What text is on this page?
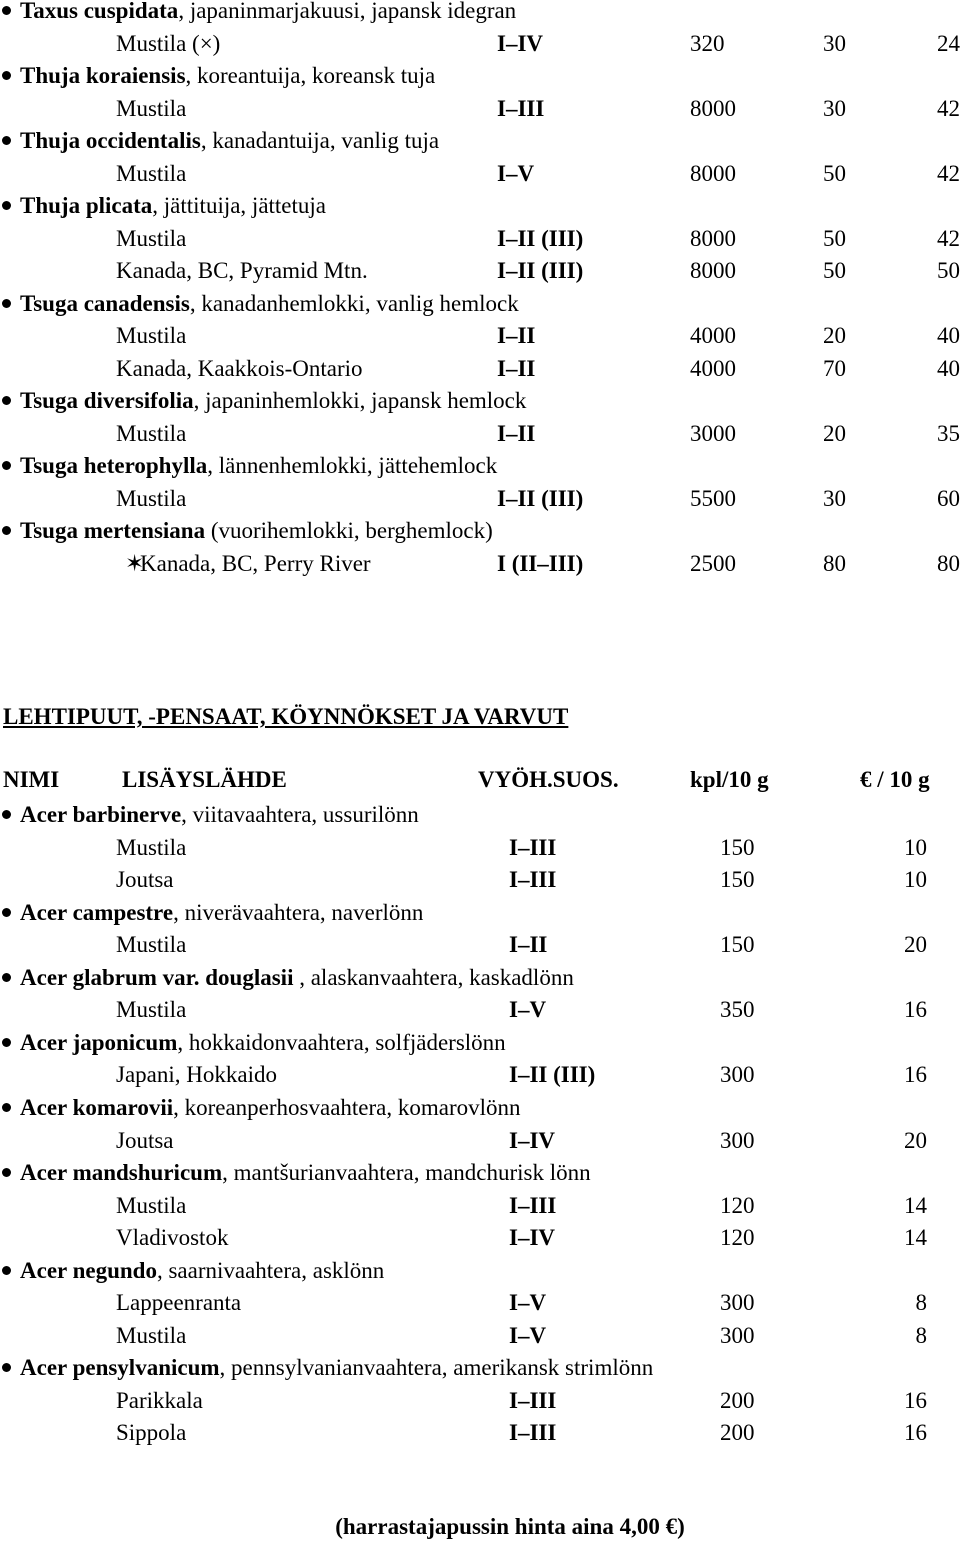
Taxus cuspidata, japaninmarjakuusi, japansk idegran
Mustila (×)	I–IV	320	30	24
Thuja koraiensis, koreantuija, koreansk tuja
Mustila	I–III	8000	30	42
Thuja occidentalis, kanadantuija, vanlig tuja
Mustila	I–V	8000	50	42
Thuja plicata, jättituija, jättetuja
Mustila	I–II (III)	8000	50	42
Kanada, BC, Pyramid Mtn.	I–II (III)	8000	50	50
Tsuga canadensis, kanadanhemlokki, vanlig hemlock
Mustila	I–II	4000	20	40
Kanada, Kaakkois-Ontario	I–II	4000	70	40
Tsuga diversifolia, japaninhemlokki, japansk hemlock
Mustila	I–II	3000	20	35
Tsuga heterophylla, lännenhemlokki, jättehemlock
Mustila	I–II (III)	5500	30	60
Tsuga mertensiana (vuorihemlokki, berghemlock)
✶
Kanada, BC, Perry River	I (II–III)	2500	80	80
LEHTIPUUT, -PENSAAT, KÖYNNÖKSET JA VARVUT
NIMI	LISÄYSLÄHDE	VYÖH.SUOS.	kpl/10 g	€ / 10 g
Acer barbinerve, viitavaahtera, ussurilönn
Mustila	I–III	150	10
Joutsa	I–III	150	10
Acer campestre, niverävaahtera, naverlönn
Mustila	I–II	150	20
Acer glabrum var. douglasii , alaskanvaahtera, kaskadlönn
Mustila	I–V	350	16
Acer japonicum, hokkaidonvaahtera, solfjäderslönn
Japani, Hokkaido	I–II (III)	300	16
Acer komarovii, koreanperhosvaahtera, komarovlönn
Joutsa	I–IV	300	20
Acer mandshuricum, mantšurianvaahtera, mandchurisk lönn
Mustila	I–III	120	14
Vladivostok	I–IV	120	14
Acer negundo, saarnivaahtera, asklönn
Lappeenranta	I–V	300	8
Mustila	I–V	300	8
Acer pensylvanicum, pennsylvanianvaahtera, amerikansk strimlönn
Parikkala	I–III	200	16
Sippola	I–III	200	16
(harrastajapussin hinta aina 4,00 €)
